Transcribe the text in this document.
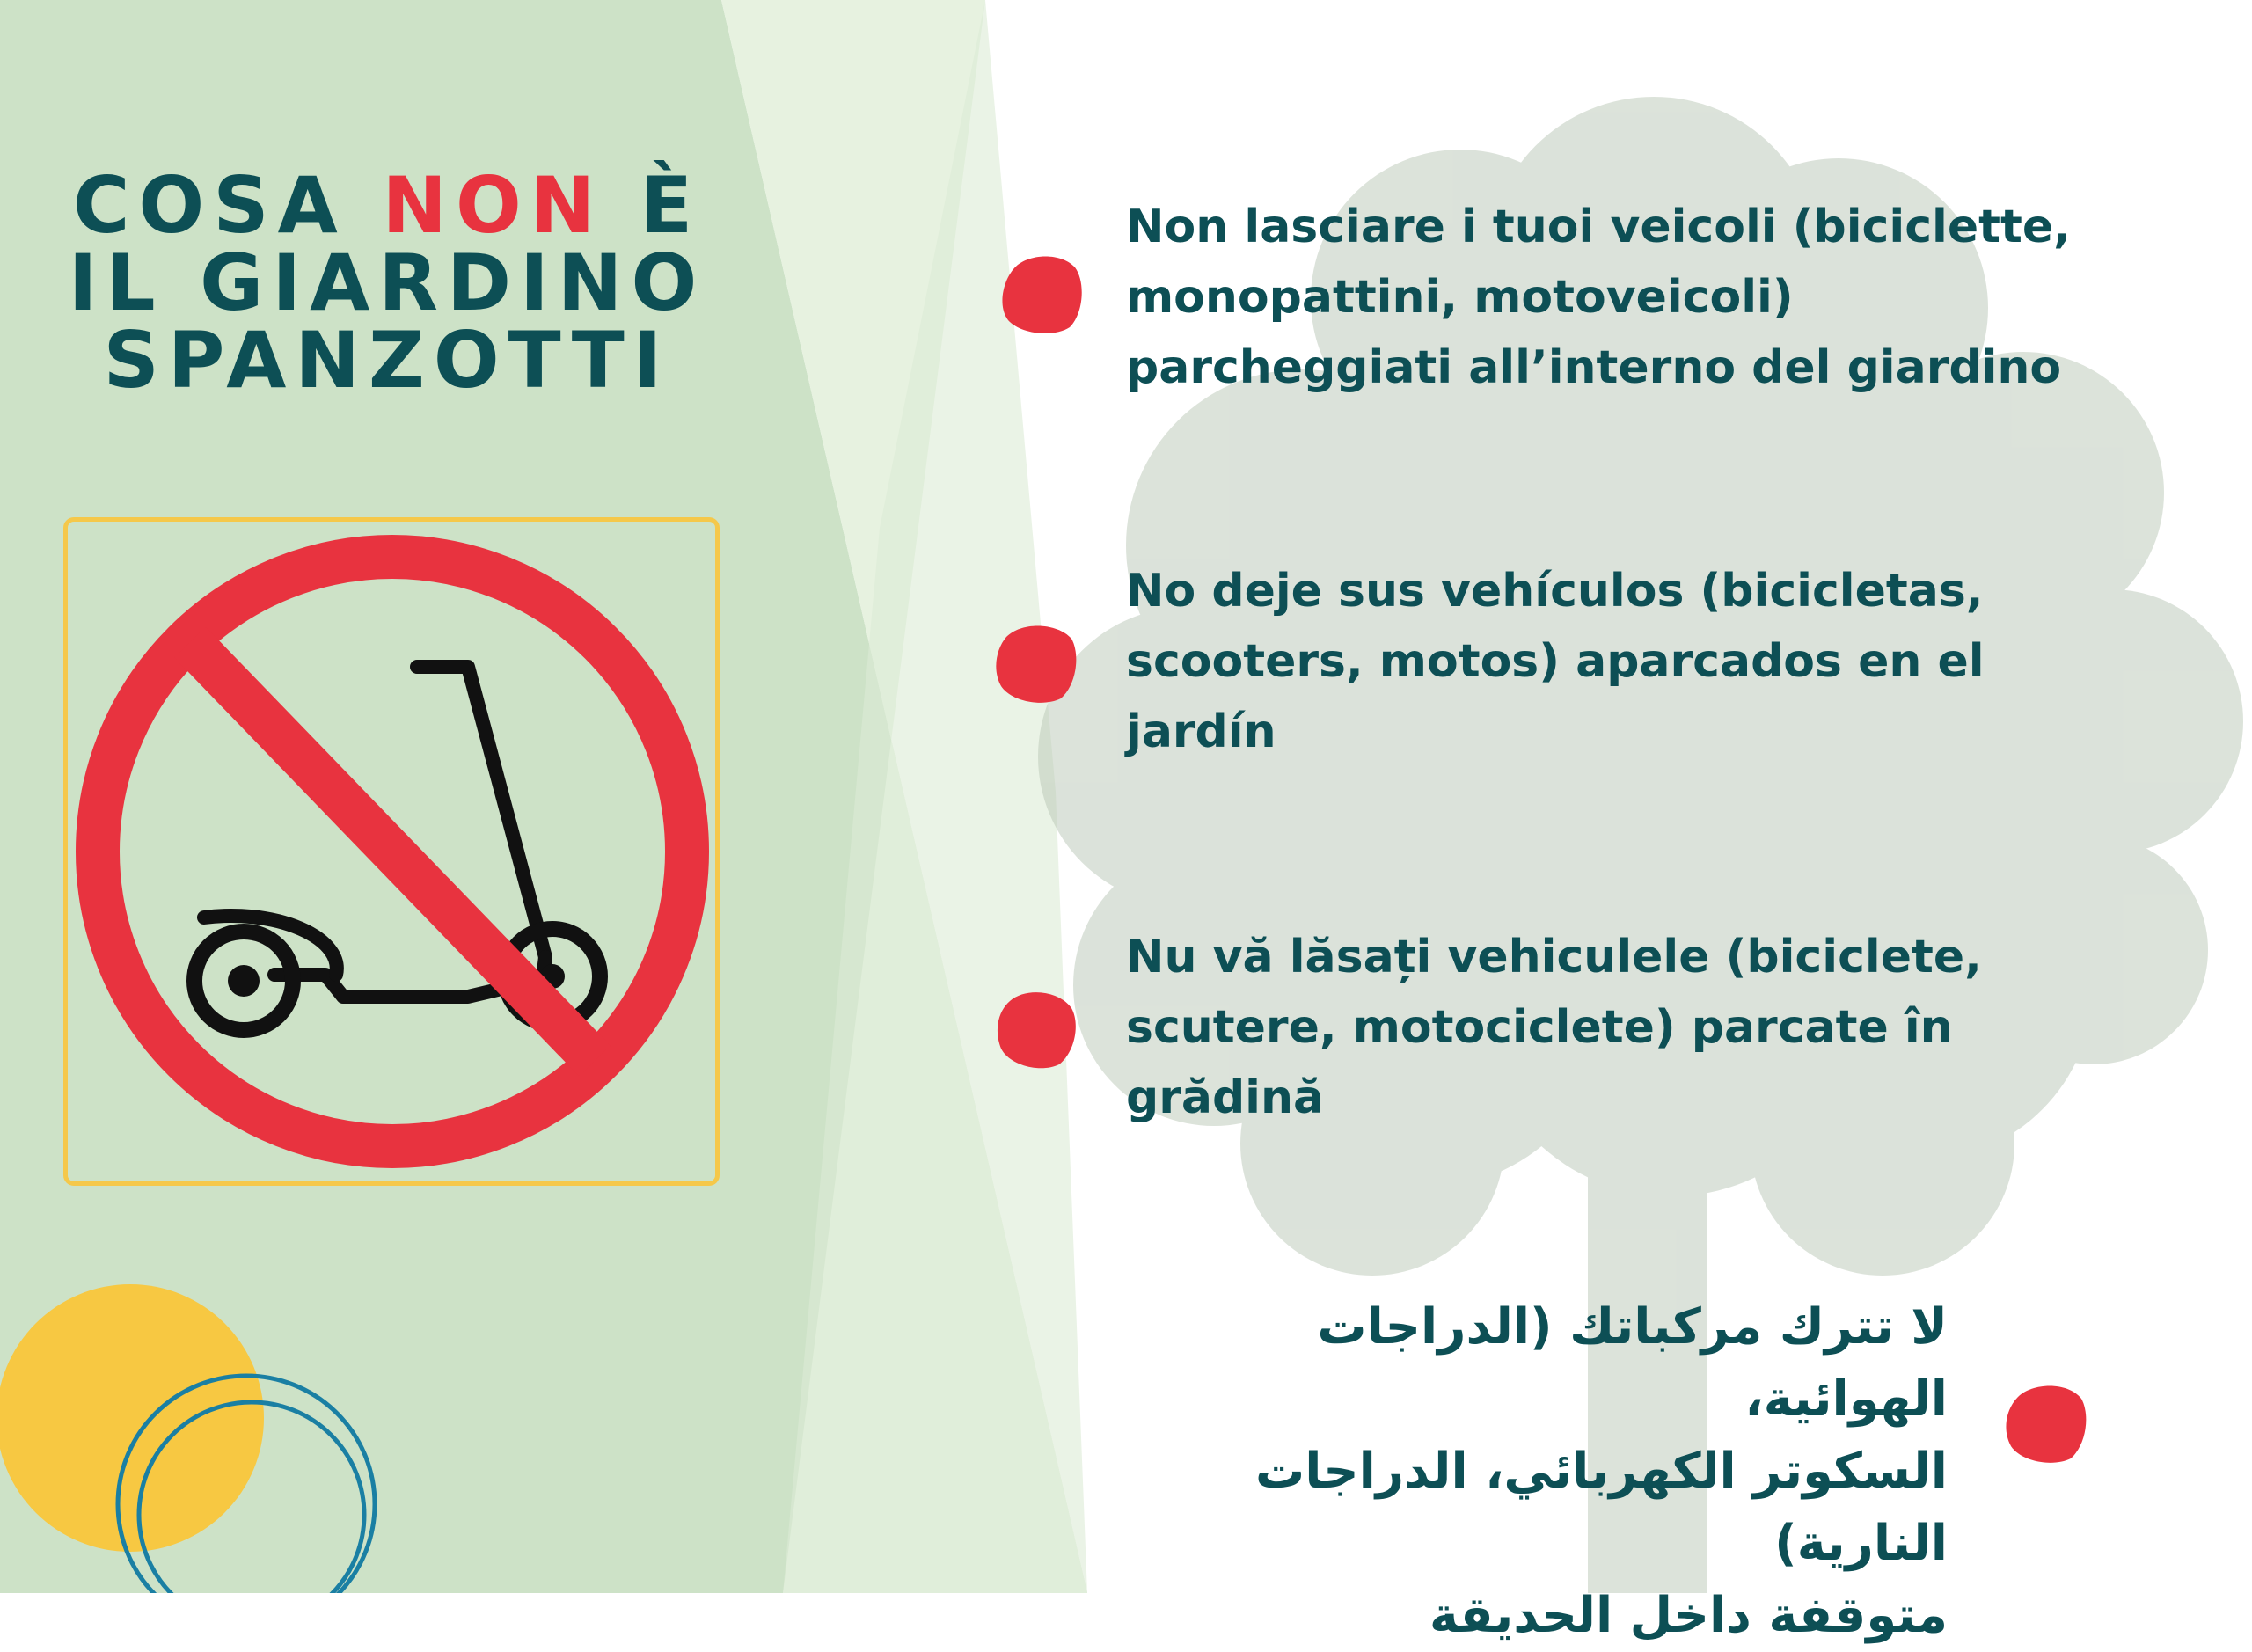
COSA NON È
IL GIARDINO
SPANZOTTI
Non lasciare i tuoi veicoli (biciclette,
monopattini, motoveicoli)
parcheggiati all’interno del giardino
No deje sus vehículos (bicicletas,
scooters, motos) aparcados en el
jardín
Nu vă lăsați vehiculele (biciclete,
scutere, motociclete) parcate în
grădină
لا تترك مركباتك (الدراجات الهوائية،
السكوتر الكهربائي، الدراجات النارية)
متوقفة داخل الحديقة
